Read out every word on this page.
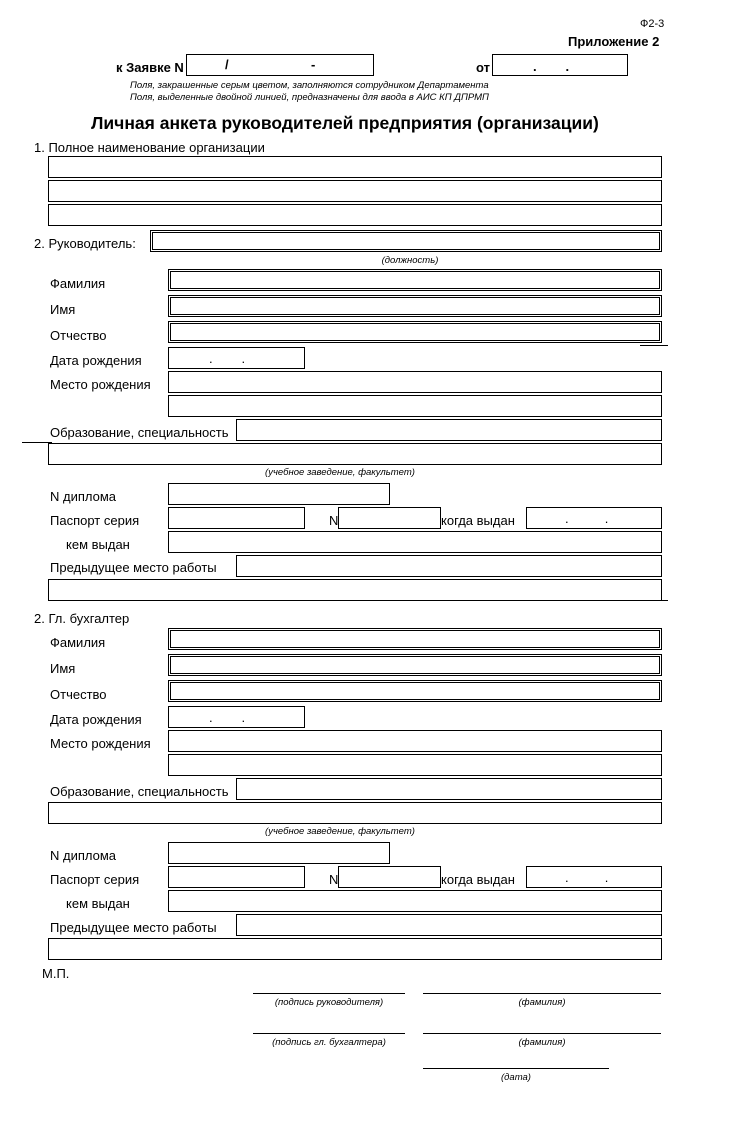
Ф2-3
Приложение 2
к Заявке N	/	-	от	.        .
Поля, закрашенные серым цветом, заполняются сотрудником Департамента
Поля, выделенные двойной линией, предназначены для ввода в АИС КП ДПРМП
Личная анкета руководителей предприятия (организации)
1. Полное наименование организации
2. Руководитель:
(должность)
Фамилия
Имя
Отчество
Дата рождения	.        .
Место рождения
Образование, специальность
(учебное заведение, факультет)
N диплома
Паспорт серия	N	когда выдан	.          .
кем выдан
Предыдущее место работы
2. Гл. бухгалтер
Фамилия
Имя
Отчество
Дата рождения	.        .
Место рождения
Образование, специальность
(учебное заведение, факультет)
N диплома
Паспорт серия	N	когда выдан	.          .
кем выдан
Предыдущее место работы
М.П.
(подпись руководителя)	(фамилия)
(подпись гл. бухгалтера)	(фамилия)
(дата)
